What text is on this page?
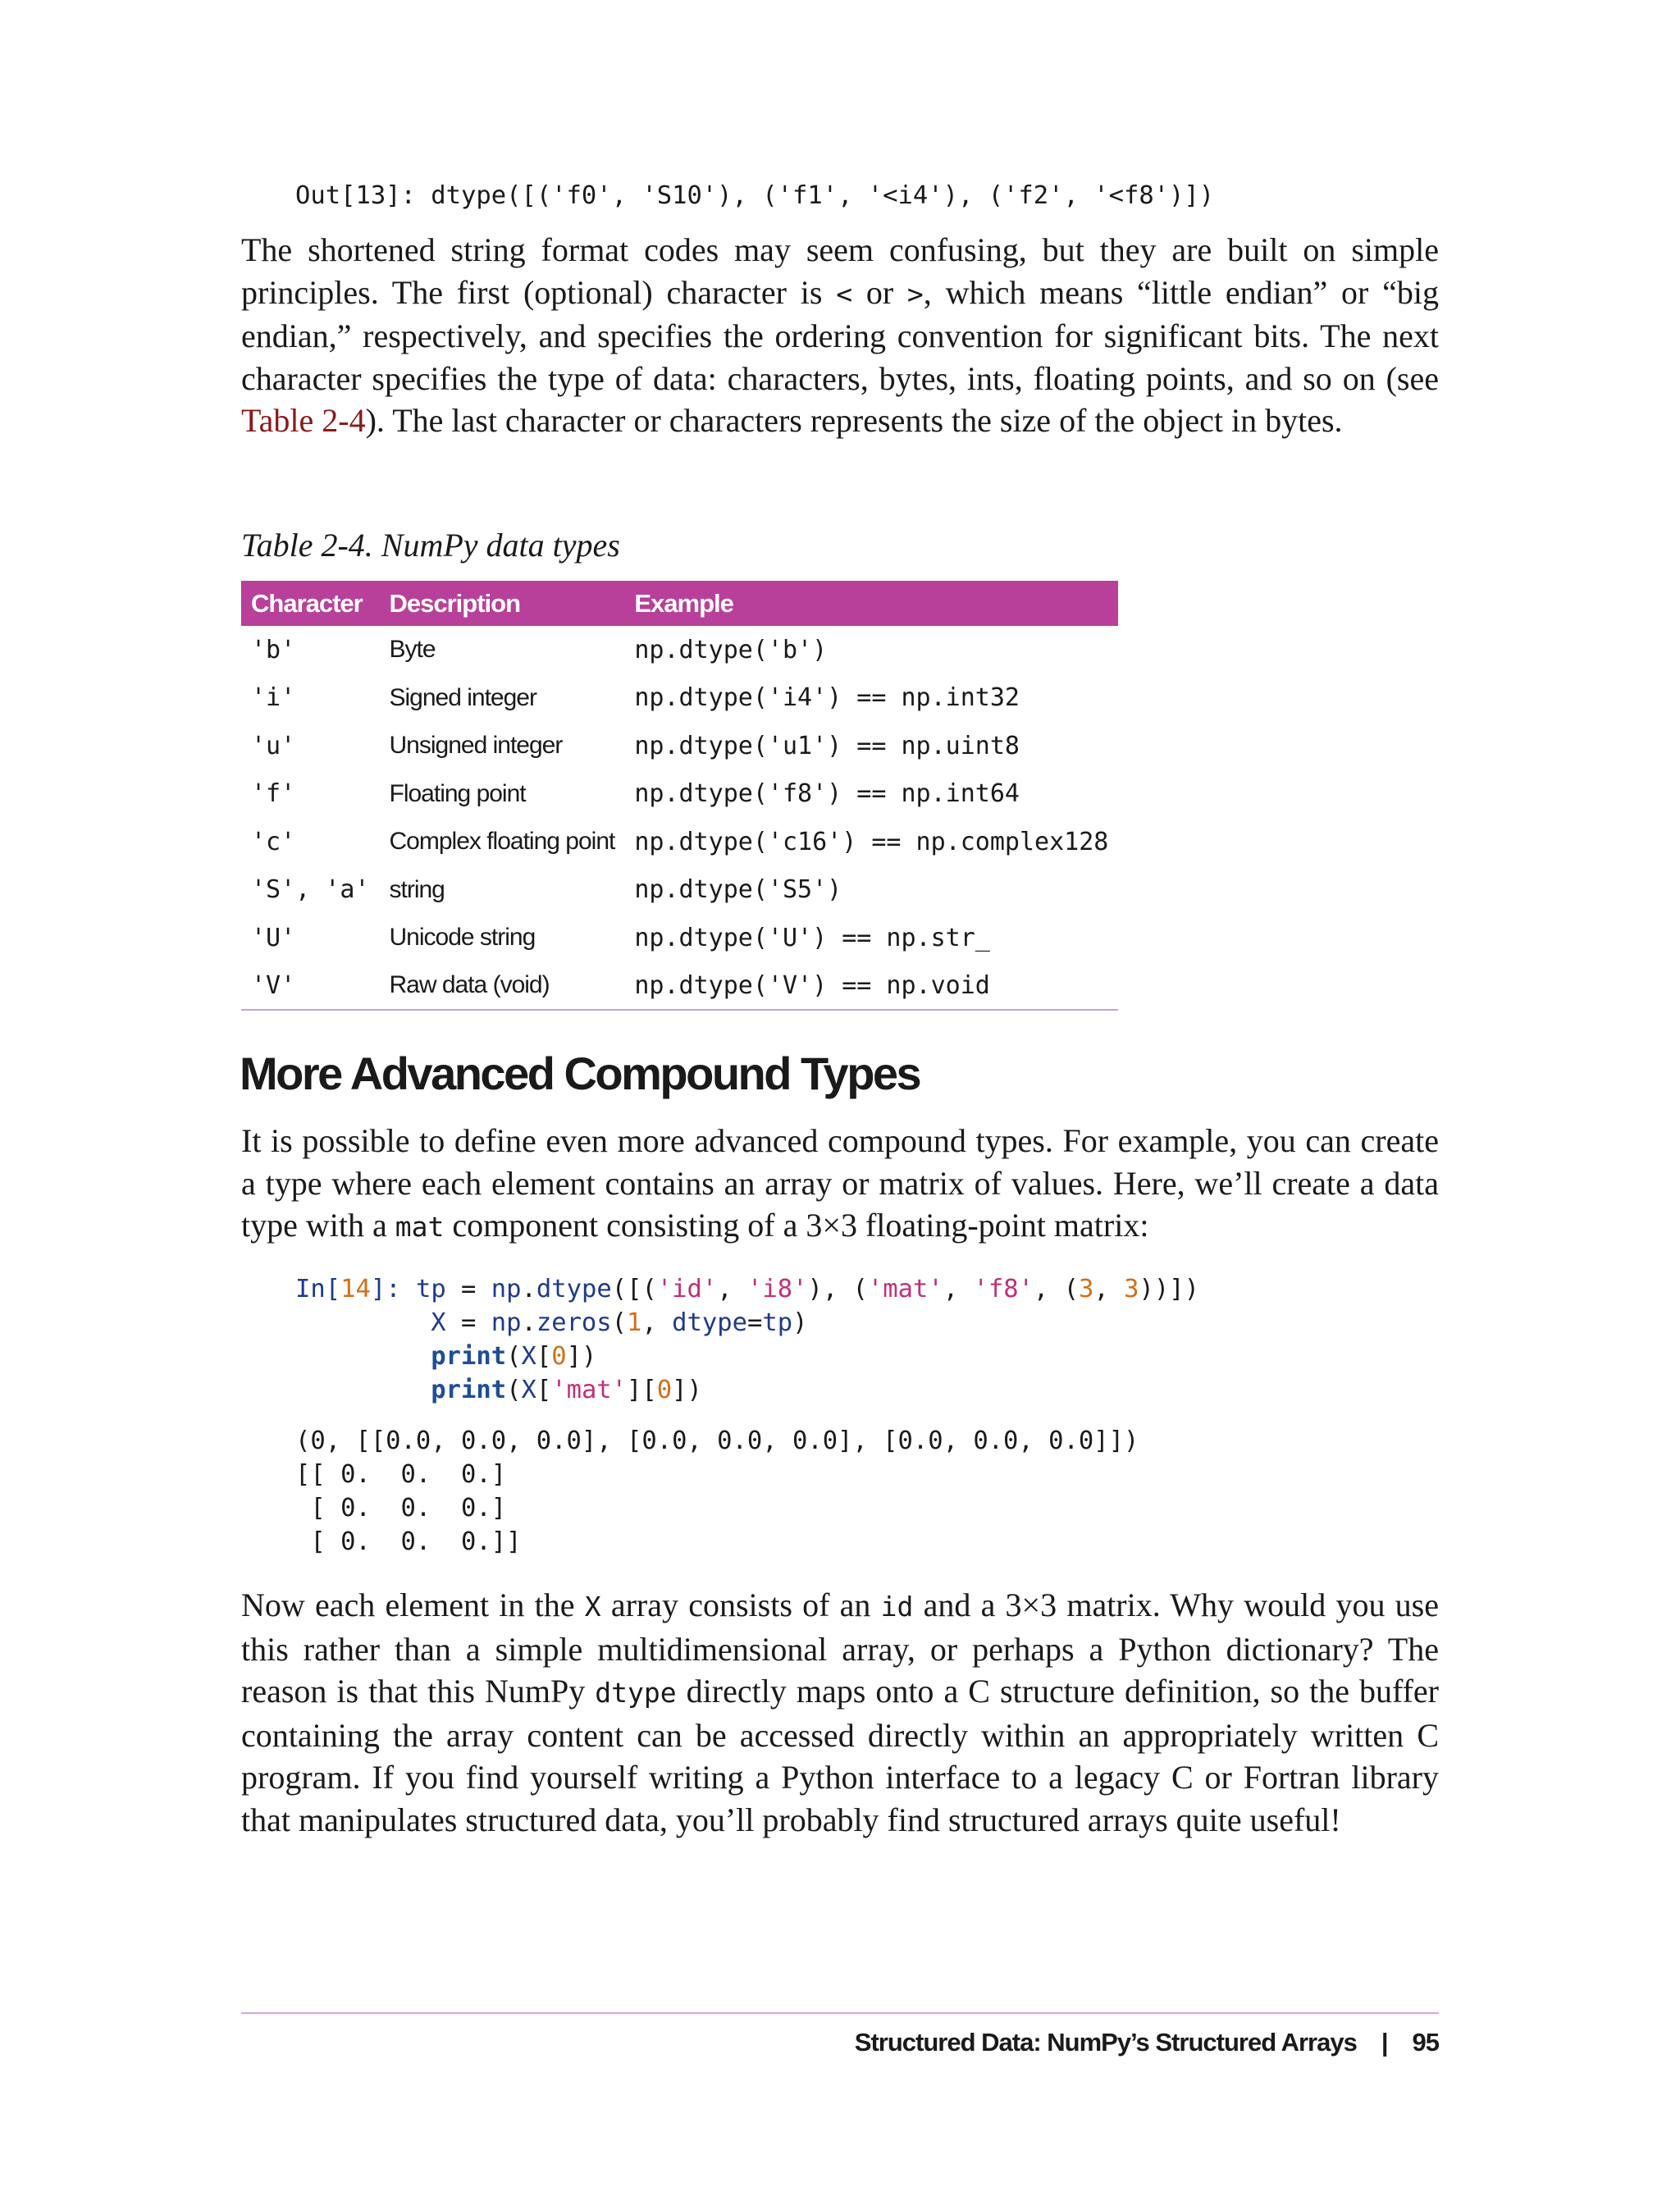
Out[13]: dtype([('f0', 'S10'), ('f1', '<i4'), ('f2', '<f8')])

The shortened string format codes may seem confusing, but they are built on simple principles. The first (optional) character is < or >, which means “little endian” or “big endian,” respectively, and specifies the ordering convention for significant bits. The next character specifies the type of data: characters, bytes, ints, floating points, and so on (see Table 2-4). The last character or characters represents the size of the object in bytes.

Table 2-4. NumPy data types
Character	Description	Example
'b'	Byte	np.dtype('b')
'i'	Signed integer	np.dtype('i4') == np.int32
'u'	Unsigned integer	np.dtype('u1') == np.uint8
'f'	Floating point	np.dtype('f8') == np.int64
'c'	Complex floating point	np.dtype('c16') == np.complex128
'S', 'a'	string	np.dtype('S5')
'U'	Unicode string	np.dtype('U') == np.str_
'V'	Raw data (void)	np.dtype('V') == np.void
More Advanced Compound Types

It is possible to define even more advanced compound types. For example, you can create a type where each element contains an array or matrix of values. Here, we’ll create a data type with a mat component consisting of a 3×3 floating-point matrix:

In[14]: tp = np.dtype([('id', 'i8'), ('mat', 'f8', (3, 3))])
X = np.zeros(1, dtype=tp)
print(X[0])
print(X['mat'][0])
(0, [[0.0, 0.0, 0.0], [0.0, 0.0, 0.0], [0.0, 0.0, 0.0]])
[[ 0.  0.  0.]
[ 0.  0.  0.]
[ 0.  0.  0.]]

Now each element in the X array consists of an id and a 3×3 matrix. Why would you use this rather than a simple multidimensional array, or perhaps a Python dictionary? The reason is that this NumPy dtype directly maps onto a C structure definition, so the buffer containing the array content can be accessed directly within an appropriately written C program. If you find yourself writing a Python interface to a legacy C or Fortran library that manipulates structured data, you’ll probably find structured arrays quite useful!

Structured Data: NumPy’s Structured Arrays | 95
